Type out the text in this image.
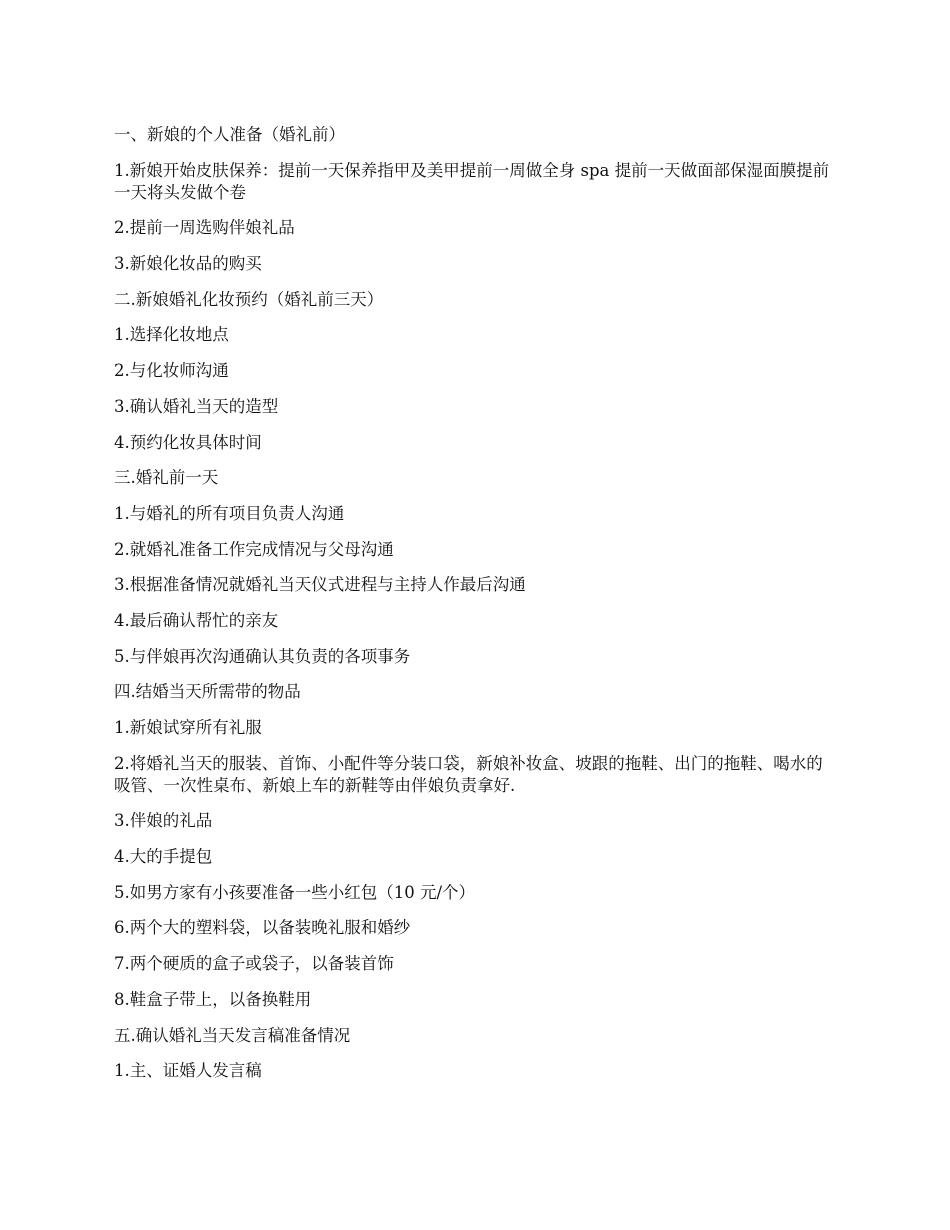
一、新娘的个人准备（婚礼前）

1.新娘开始皮肤保养：提前一天保养指甲及美甲提前一周做全身 spa 提前一天做面部保湿面膜提前一天将头发做个卷

2.提前一周选购伴娘礼品

3.新娘化妆品的购买

二.新娘婚礼化妆预约（婚礼前三天）

1.选择化妆地点

2.与化妆师沟通

3.确认婚礼当天的造型

4.预约化妆具体时间

三.婚礼前一天

1.与婚礼的所有项目负责人沟通

2.就婚礼准备工作完成情况与父母沟通

3.根据准备情况就婚礼当天仪式进程与主持人作最后沟通

4.最后确认帮忙的亲友

5.与伴娘再次沟通确认其负责的各项事务

四.结婚当天所需带的物品

1.新娘试穿所有礼服

2.将婚礼当天的服装、首饰、小配件等分装口袋，新娘补妆盒、坡跟的拖鞋、出门的拖鞋、喝水的吸管、一次性桌布、新娘上车的新鞋等由伴娘负责拿好.

3.伴娘的礼品

4.大的手提包

5.如男方家有小孩要准备一些小红包（10 元/个）

6.两个大的塑料袋，以备装晚礼服和婚纱

7.两个硬质的盒子或袋子，以备装首饰

8.鞋盒子带上，以备换鞋用

五.确认婚礼当天发言稿准备情况

1.主、证婚人发言稿
